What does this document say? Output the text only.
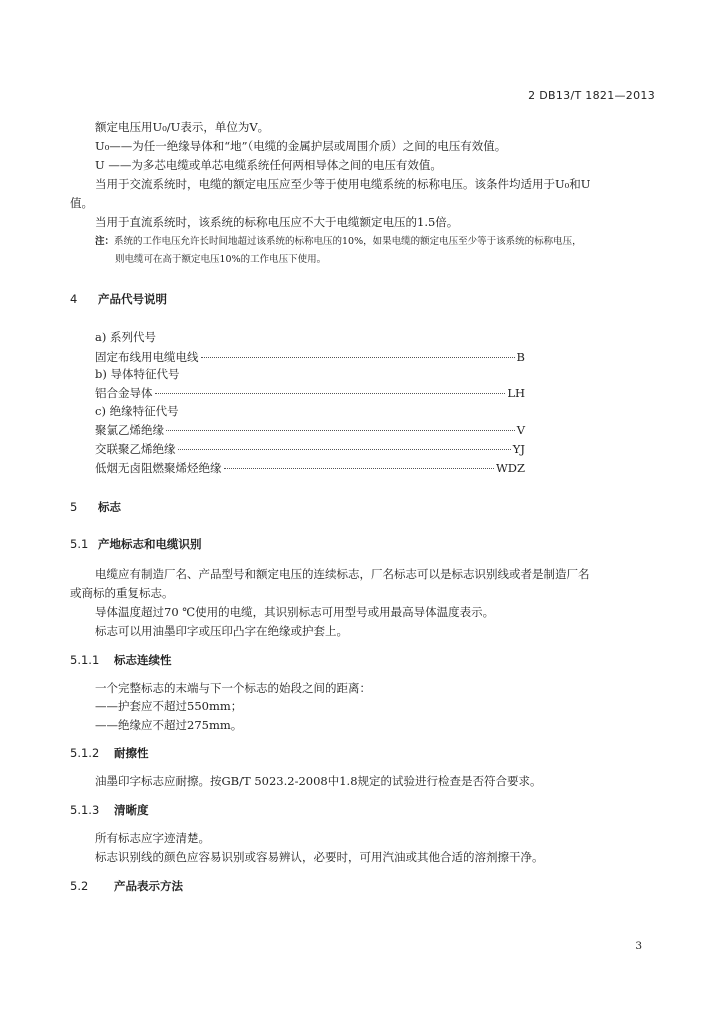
2 DB13/T 1821—2013
额定电压用U₀/U表示，单位为V。
U₀——为任一绝缘导体和“地”（电缆的金属护层或周围介质）之间的电压有效值。
U ——为多芯电缆或单芯电缆系统任何两相导体之间的电压有效值。
当用于交流系统时，电缆的额定电压应至少等于使用电缆系统的标称电压。该条件均适用于U₀和U
值。
当用于直流系统时，该系统的标称电压应不大于电缆额定电压的1.5倍。
注：系统的工作电压允许长时间地超过该系统的标称电压的10%，如果电缆的额定电压至少等于该系统的标称电压，
则电缆可在高于额定电压10%的工作电压下使用。
4 产品代号说明
a) 系列代号
固定布线用电缆电线	B
b) 导体特征代号
铝合金导体	LH
c) 绝缘特征代号
聚氯乙烯绝缘	V
交联聚乙烯绝缘	YJ
低烟无卤阻燃聚烯烃绝缘	WDZ
5 标志
5.1 产地标志和电缆识别
电缆应有制造厂名、产品型号和额定电压的连续标志，厂名标志可以是标志识别线或者是制造厂名
或商标的重复标志。
导体温度超过70 ℃使用的电缆，其识别标志可用型号或用最高导体温度表示。
标志可以用油墨印字或压印凸字在绝缘或护套上。
5.1.1 标志连续性
一个完整标志的末端与下一个标志的始段之间的距离：
——护套应不超过550mm；
——绝缘应不超过275mm。
5.1.2 耐擦性
油墨印字标志应耐擦。按GB/T 5023.2-2008中1.8规定的试验进行检查是否符合要求。
5.1.3 清晰度
所有标志应字迹清楚。
标志识别线的颜色应容易识别或容易辨认，必要时，可用汽油或其他合适的溶剂擦干净。
5.2 产品表示方法
3
